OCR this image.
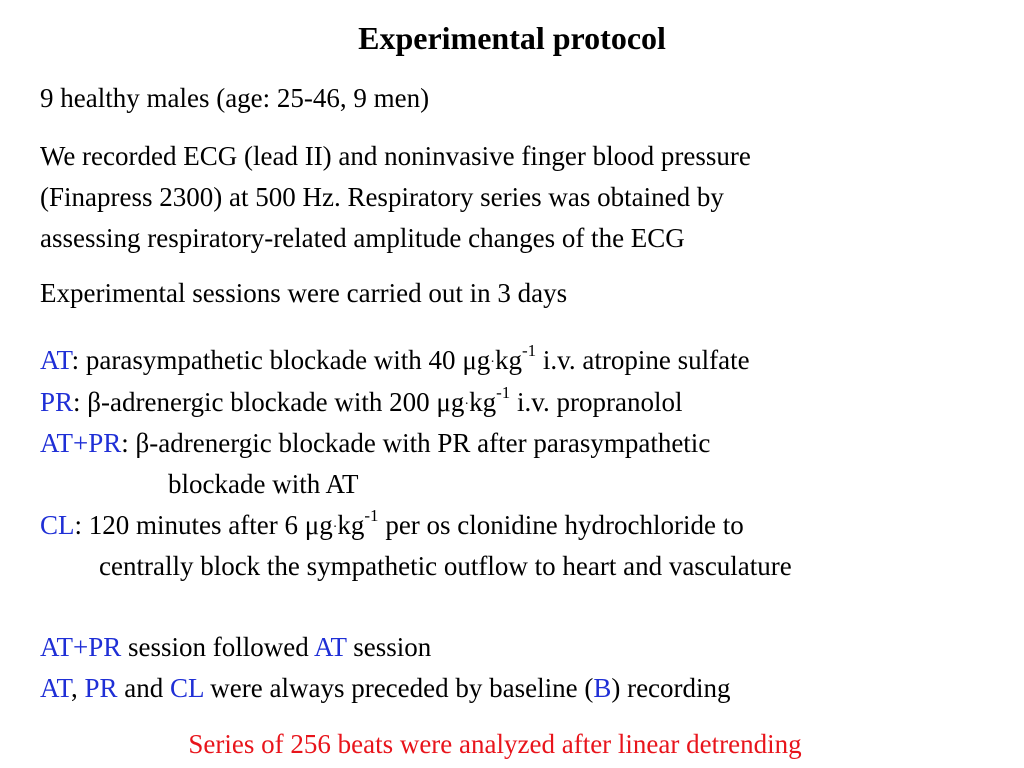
Experimental protocol
9 healthy males (age: 25-46, 9 men)
We recorded ECG (lead II) and noninvasive finger blood pressure
(Finapress 2300) at 500 Hz. Respiratory series was obtained by
assessing respiratory-related amplitude changes of the ECG
Experimental sessions were carried out in 3 days
AT: parasympathetic blockade with 40 $\mu g\cdot kg^{-1}$ i.v. atropine sulfate
PR: β-adrenergic blockade with 200 $\mu g\cdot kg^{-1}$ i.v. propranolol
AT+PR: β-adrenergic blockade with PR after parasympathetic
blockade with AT
CL: 120 minutes after 6 $\mu g\cdot kg^{-1}$ per os clonidine hydrochloride to
centrally block the sympathetic outflow to heart and vasculature
AT+PR session followed AT session
AT, PR and CL were always preceded by baseline (B) recording
Series of 256 beats were analyzed after linear detrending
